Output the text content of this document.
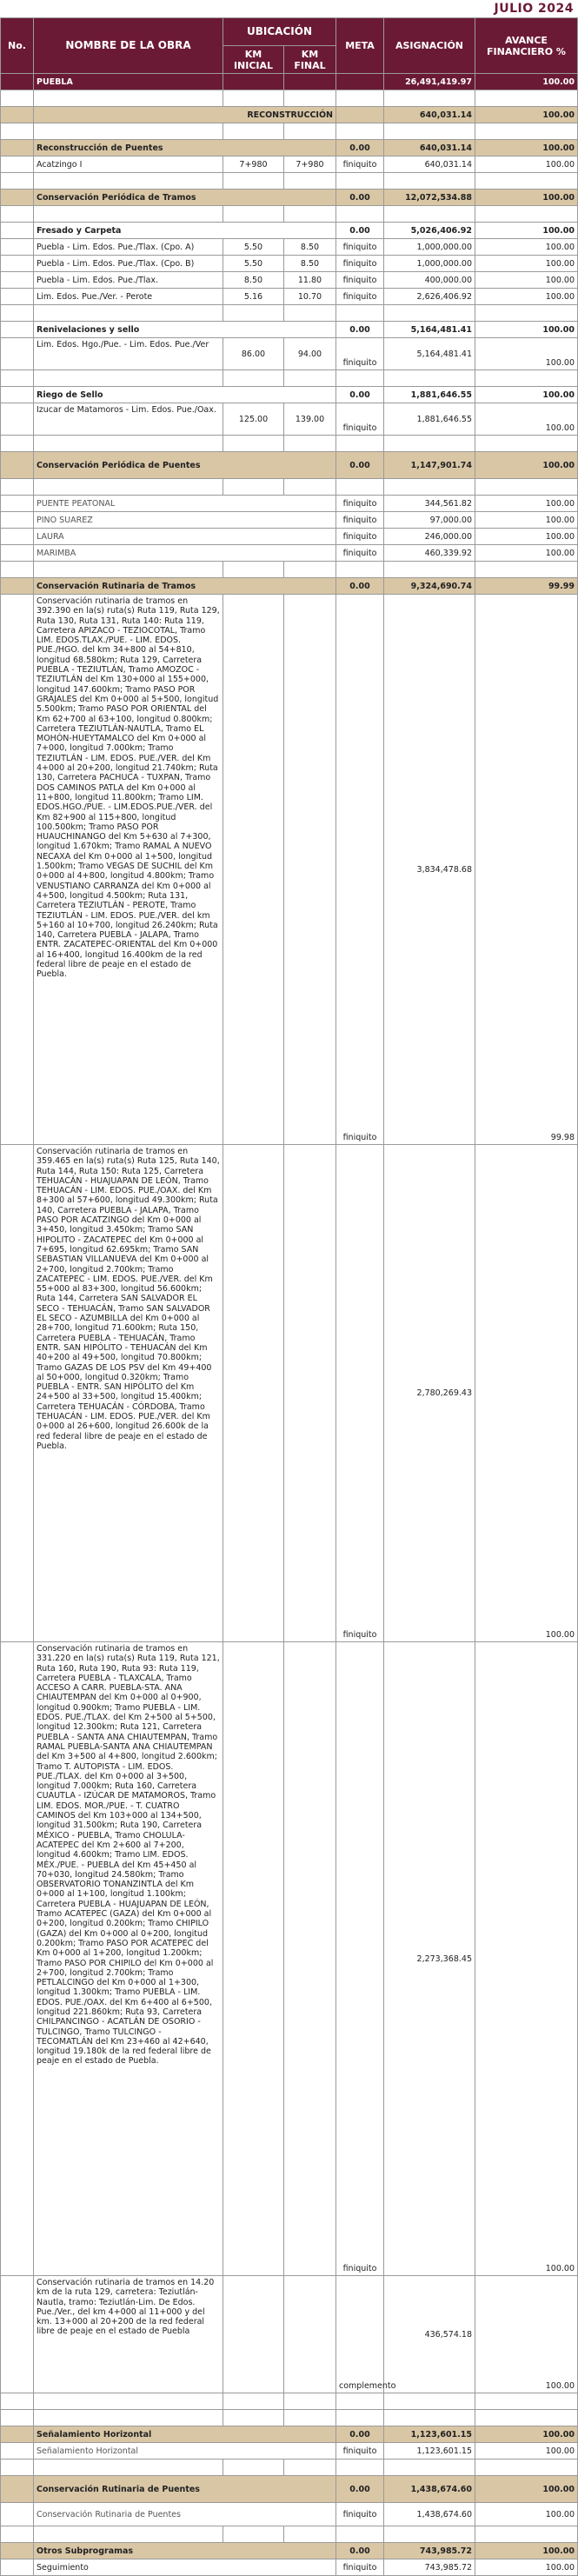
JULIO 2024
No.	NOMBRE DE LA OBRA	UBICACIÓN		META	ASIGNACIÓN	AVANCE FINANCIERO %
		KM INICIAL	KM FINAL			
	PUEBLA				26,491,419.97	100.00

	RECONSTRUCCIÓN				640,031.14	100.00

	Reconstrucción de Puentes			0.00	640,031.14	100.00
	Acatzingo I	7+980	7+980	finiquito	640,031.14	100.00

	Conservación Periódica de Tramos			0.00	12,072,534.88	100.00

	Fresado y Carpeta			0.00	5,026,406.92	100.00
	Puebla - Lim. Edos. Pue./Tlax. (Cpo. A)	5.50	8.50	finiquito	1,000,000.00	100.00
	Puebla - Lim. Edos. Pue./Tlax. (Cpo. B)	5.50	8.50	finiquito	1,000,000.00	100.00
	Puebla - Lim. Edos. Pue./Tlax.	8.50	11.80	finiquito	400,000.00	100.00
	Lim. Edos. Pue./Ver. - Perote	5.16	10.70	finiquito	2,626,406.92	100.00

	Renivelaciones y sello			0.00	5,164,481.41	100.00
	Lim. Edos. Hgo./Pue. - Lim. Edos. Pue./Ver	86.00	94.00	finiquito	5,164,481.41	100.00

	Riego de Sello			0.00	1,881,646.55	100.00
	Izucar de Matamoros - Lim. Edos. Pue./Oax.	125.00	139.00	finiquito	1,881,646.55	100.00

	Conservación Periódica de Puentes			0.00	1,147,901.74	100.00

	PUENTE PEATONAL			finiquito	344,561.82	100.00
	PINO SUAREZ			finiquito	97,000.00	100.00
	LAURA			finiquito	246,000.00	100.00
	MARIMBA			finiquito	460,339.92	100.00

	Conservación Rutinaria de Tramos			0.00	9,324,690.74	99.99
	Conservación rutinaria de tramos en 392.390 en la(s) ruta(s) Ruta 119, Ruta 129, Ruta 130, Ruta 131, Ruta 140: Ruta 119, Carretera APIZACO - TEZIOCOTAL, Tramo LIM. EDOS.TLAX./PUE. - LIM. EDOS. PUE./HGO. del km 34+800 al 54+810, longitud 68.580km; Ruta 129, Carretera PUEBLA - TEZIUTLÁN, Tramo AMOZOC - TEZIUTLÁN del Km 130+000 al 155+000, longitud 147.600km; Tramo PASO POR GRAJALES del Km 0+000 al 5+500, longitud 5.500km; Tramo PASO POR ORIENTAL del Km 62+700 al 63+100, longitud 0.800km; Carretera TEZIUTLÁN-NAUTLA, Tramo EL MOHÓN-HUEYTAMALCO del Km 0+000 al 7+000, longitud 7.000km; Tramo TEZIUTLÁN - LIM. EDOS. PUE./VER. del Km 4+000 al 20+200, longitud 21.740km; Ruta 130, Carretera PACHUCA - TUXPAN, Tramo DOS CAMINOS PATLA del Km 0+000 al 11+800, longitud 11.800km; Tramo LIM. EDOS.HGO./PUE. - LIM.EDOS.PUE./VER. del Km 82+900 al 115+800, longitud 100.500km; Tramo PASO POR HUAUCHINANGO del Km 5+630 al 7+300, longitud 1.670km; Tramo RAMAL A NUEVO NECAXA del Km 0+000 al 1+500, longitud 1.500km; Tramo VEGAS DE SUCHIL del Km 0+000 al 4+800, longitud 4.800km; Tramo VENUSTIANO CARRANZA del Km 0+000 al 4+500, longitud 4.500km; Ruta 131, Carretera TEZIUTLÁN - PEROTE, Tramo TEZIUTLÁN - LIM. EDOS. PUE./VER. del km 5+160 al 10+700, longitud 26.240km; Ruta 140, Carretera PUEBLA - JALAPA, Tramo ENTR. ZACATEPEC-ORIENTAL del Km 0+000 al 16+400, longitud 16.400km de la red federal libre de peaje en el estado de Puebla.			finiquito	3,834,478.68	99.98
	Conservación rutinaria de tramos en 359.465 en la(s) ruta(s) Ruta 125, Ruta 140, Ruta 144, Ruta 150: Ruta 125, Carretera TEHUACÁN - HUAJUAPAN DE LEÓN, Tramo TEHUACÁN - LIM. EDOS. PUE./OAX. del Km 8+300 al 57+600, longitud 49.300km; Ruta 140, Carretera PUEBLA - JALAPA, Tramo PASO POR ACATZINGO del Km 0+000 al 3+450, longitud 3.450km; Tramo SAN HIPOLITO - ZACATEPEC del Km 0+000 al 7+695, longitud 62.695km; Tramo SAN SEBASTIAN VILLANUEVA del Km 0+000 al 2+700, longitud 2.700km; Tramo ZACATEPEC - LIM. EDOS. PUE./VER. del Km 55+000 al 83+300, longitud 56.600km; Ruta 144, Carretera SAN SALVADOR EL SECO - TEHUACÁN, Tramo SAN SALVADOR EL SECO - AZUMBILLA del Km 0+000 al 28+700, longitud 71.600km; Ruta 150, Carretera PUEBLA - TEHUACÁN, Tramo ENTR. SAN HIPÓLITO - TEHUACÁN del Km 40+200 al 49+500, longitud 70.800km; Tramo GAZAS DE LOS PSV del Km 49+400 al 50+000, longitud 0.320km; Tramo PUEBLA - ENTR. SAN HIPÓLITO del Km 24+500 al 33+500, longitud 15.400km; Carretera TEHUACÁN - CÓRDOBA, Tramo TEHUACÁN - LIM. EDOS. PUE./VER. del Km 0+000 al 26+600, longitud 26.600k de la red federal libre de peaje en el estado de Puebla.			finiquito	2,780,269.43	100.00
	Conservación rutinaria de tramos en 331.220 en la(s) ruta(s) Ruta 119, Ruta 121, Ruta 160, Ruta 190, Ruta 93: Ruta 119, Carretera PUEBLA - TLAXCALA, Tramo ACCESO A CARR. PUEBLA-STA. ANA CHIAUTEMPAN del Km 0+000 al 0+900, longitud 0.900km; Tramo PUEBLA - LIM. EDOS. PUE./TLAX. del Km 2+500 al 5+500, longitud 12.300km; Ruta 121, Carretera PUEBLA - SANTA ANA CHIAUTEMPAN, Tramo RAMAL PUEBLA-SANTA ANA CHIAUTEMPAN del Km 3+500 al 4+800, longitud 2.600km; Tramo T. AUTOPISTA - LIM. EDOS. PUE./TLAX. del Km 0+000 al 3+500, longitud 7.000km; Ruta 160, Carretera CUAUTLA - IZÚCAR DE MATAMOROS, Tramo LIM. EDOS. MOR./PUE. - T. CUATRO CAMINOS del Km 103+000 al 134+500, longitud 31.500km; Ruta 190, Carretera MÉXICO - PUEBLA, Tramo CHOLULA-ACATEPEC del Km 2+600 al 7+200, longitud 4.600km; Tramo LIM. EDOS. MÉX./PUE. - PUEBLA del Km 45+450 al 70+030, longitud 24.580km; Tramo OBSERVATORIO TONANZINTLA del Km 0+000 al 1+100, longitud 1.100km; Carretera PUEBLA - HUAJUAPAN DE LEÓN, Tramo ACATEPEC (GAZA) del Km 0+000 al 0+200, longitud 0.200km; Tramo CHIPILO (GAZA) del Km 0+000 al 0+200, longitud 0.200km; Tramo PASO POR ACATEPEC del Km 0+000 al 1+200, longitud 1.200km; Tramo PASO POR CHIPILO del Km 0+000 al 2+700, longitud 2.700km; Tramo PETLALCINGO del Km 0+000 al 1+300, longitud 1.300km; Tramo PUEBLA - LIM. EDOS. PUE./OAX. del Km 6+400 al 6+500, longitud 221.860km; Ruta 93, Carretera CHILPANCINGO - ACATLÁN DE OSORIO - TULCINGO, Tramo TULCINGO - TECOMATLÁN del Km 23+460 al 42+640, longitud 19.180k de la red federal libre de peaje en el estado de Puebla.			finiquito	2,273,368.45	100.00
	Conservación rutinaria de tramos en 14.20 km de la ruta 129, carretera: Teziutlán-Nautla, tramo: Teziutlán-Lim. De Edos. Pue./Ver., del km 4+000 al 11+000 y del km. 13+000 al 20+200 de la red federal libre de peaje en el estado de Puebla			complemento	436,574.18	100.00

	Señalamiento Horizontal			0.00	1,123,601.15	100.00
	Señalamiento Horizontal			finiquito	1,123,601.15	100.00

	Conservación Rutinaria de Puentes			0.00	1,438,674.60	100.00
	Conservación Rutinaria de Puentes			finiquito	1,438,674.60	100.00

	Otros Subprogramas			0.00	743,985.72	100.00
	Seguimiento			finiquito	743,985.72	100.00
